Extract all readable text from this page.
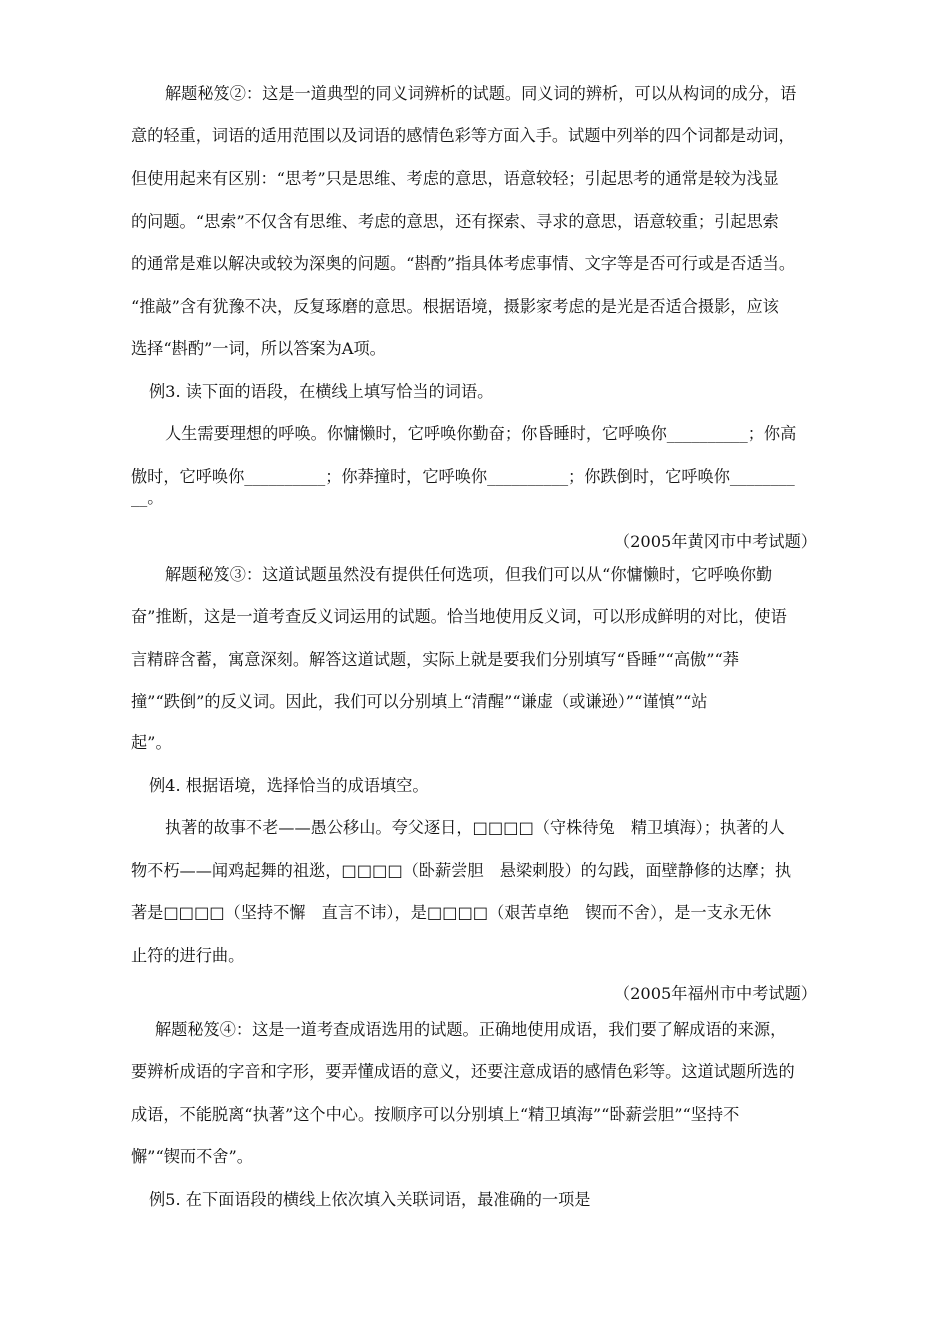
解题秘笈②：这是一道典型的同义词辨析的试题。同义词的辨析，可以从构词的成分，语
意的轻重，词语的适用范围以及词语的感情色彩等方面入手。试题中列举的四个词都是动词，
但使用起来有区别：“思考”只是思维、考虑的意思，语意较轻；引起思考的通常是较为浅显
的问题。“思索”不仅含有思维、考虑的意思，还有探索、寻求的意思，语意较重；引起思索
的通常是难以解决或较为深奥的问题。“斟酌”指具体考虑事情、文字等是否可行或是否适当。
“推敲”含有犹豫不决，反复琢磨的意思。根据语境，摄影家考虑的是光是否适合摄影，应该
选择“斟酌”一词，所以答案为A项。
例3. 读下面的语段，在横线上填写恰当的词语。
人生需要理想的呼唤。你慵懒时，它呼唤你勤奋；你昏睡时，它呼唤你__________；你高
傲时，它呼唤你__________；你莽撞时，它呼唤你__________；你跌倒时，它呼唤你________
__。
（2005年黄冈市中考试题）
解题秘笈③：这道试题虽然没有提供任何选项，但我们可以从“你慵懒时，它呼唤你勤
奋”推断，这是一道考查反义词运用的试题。恰当地使用反义词，可以形成鲜明的对比，使语
言精辟含蓄，寓意深刻。解答这道试题，实际上就是要我们分别填写“昏睡”“高傲”“莽
撞”“跌倒”的反义词。因此，我们可以分别填上“清醒”“谦虚（或谦逊）”“谨慎”“站
起”。
例4. 根据语境，选择恰当的成语填空。
执著的故事不老——愚公移山。夸父逐日，□□□□（守株待兔　精卫填海）；执著的人
物不朽——闻鸡起舞的祖逖，□□□□（卧薪尝胆　悬梁刺股）的勾践，面壁静修的达摩；执
著是□□□□（坚持不懈　直言不讳），是□□□□（艰苦卓绝　锲而不舍），是一支永无休
止符的进行曲。
（2005年福州市中考试题）
解题秘笈④：这是一道考查成语选用的试题。正确地使用成语，我们要了解成语的来源，
要辨析成语的字音和字形，要弄懂成语的意义，还要注意成语的感情色彩等。这道试题所选的
成语，不能脱离“执著”这个中心。按顺序可以分别填上“精卫填海”“卧薪尝胆”“坚持不
懈”“锲而不舍”。
例5. 在下面语段的横线上依次填入关联词语，最准确的一项是
